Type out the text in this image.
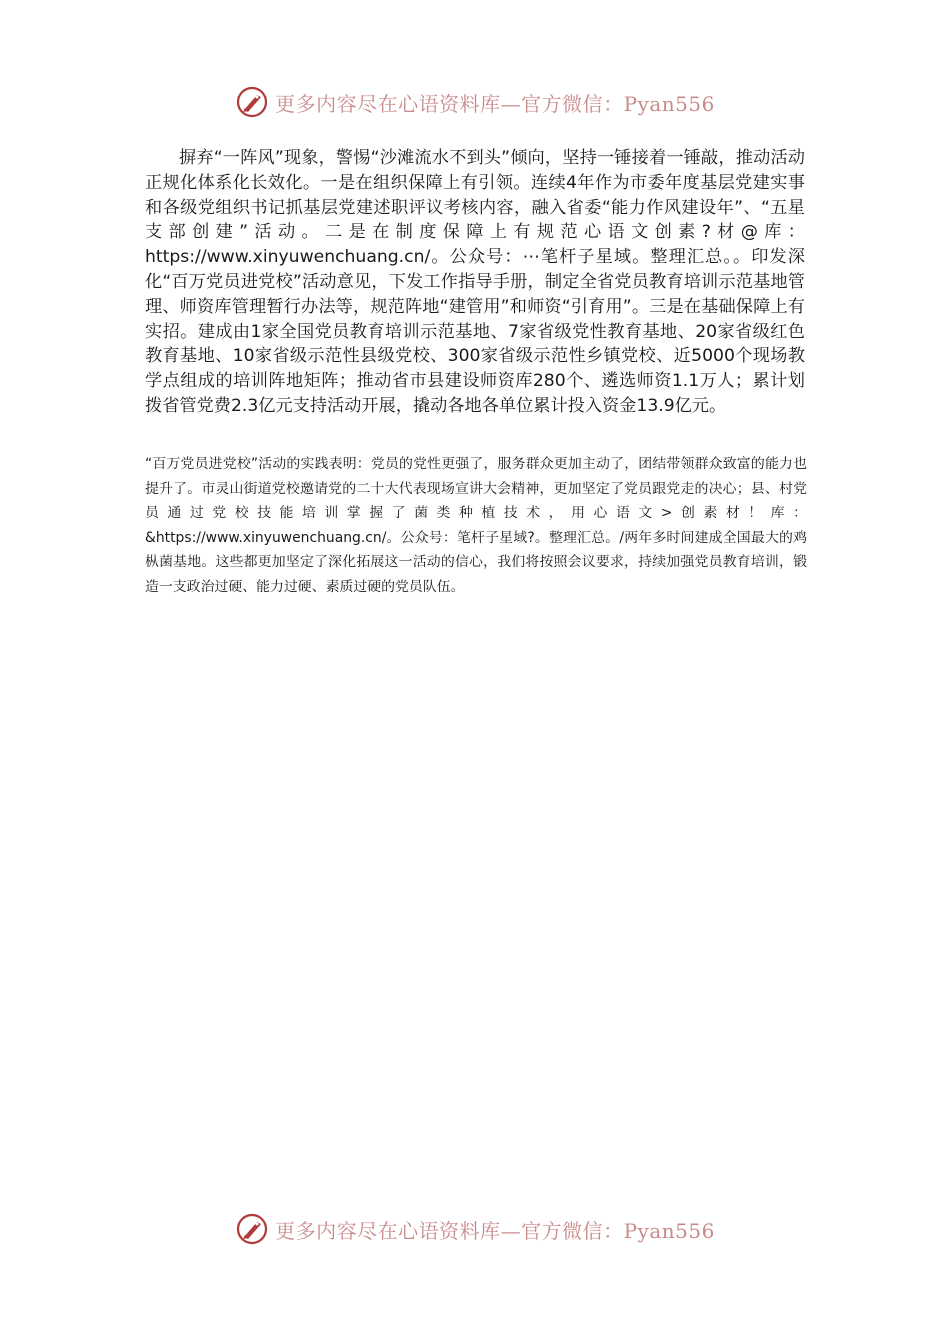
更多内容尽在心语资料库—官方微信：Pyan556

摒弃“一阵风”现象，警惕“沙滩流水不到头”倾向，坚持一锤接着一锤敲，推动活动正规化体系化长效化。一是在组织保障上有引领。连续4年作为市委年度基层党建实事和各级党组织书记抓基层党建述职评议考核内容，融入省委“能力作风建设年”、“五星支部创建”活动。二是在制度保障上有规范心语文创素?材@库：https://www.xinyuwenchuang.cn/。公众号：⋯笔杆子星域。整理汇总。。印发深化“百万党员进党校”活动意见，下发工作指导手册，制定全省党员教育培训示范基地管理、师资库管理暂行办法等，规范阵地“建管用”和师资“引育用”。三是在基础保障上有实招。建成由1家全国党员教育培训示范基地、7家省级党性教育基地、20家省级红色教育基地、10家省级示范性县级党校、300家省级示范性乡镇党校、近5000个现场教学点组成的培训阵地矩阵；推动省市县建设师资库280个、遴选师资1.1万人；累计划拨省管党费2.3亿元支持活动开展，撬动各地各单位累计投入资金13.9亿元。

“百万党员进党校”活动的实践表明：党员的党性更强了，服务群众更加主动了，团结带领群众致富的能力也提升了。市灵山街道党校邀请党的二十大代表现场宣讲大会精神，更加坚定了党员跟党走的决心；县、村党员通过党校技能培训掌握了菌类种植技术，用心语文>创素材！库：&https://www.xinyuwenchuang.cn/。公众号：笔杆子星域?。整理汇总。/两年多时间建成全国最大的鸡枞菌基地。这些都更加坚定了深化拓展这一活动的信心，我们将按照会议要求，持续加强党员教育培训，锻造一支政治过硬、能力过硬、素质过硬的党员队伍。

更多内容尽在心语资料库—官方微信：Pyan556
